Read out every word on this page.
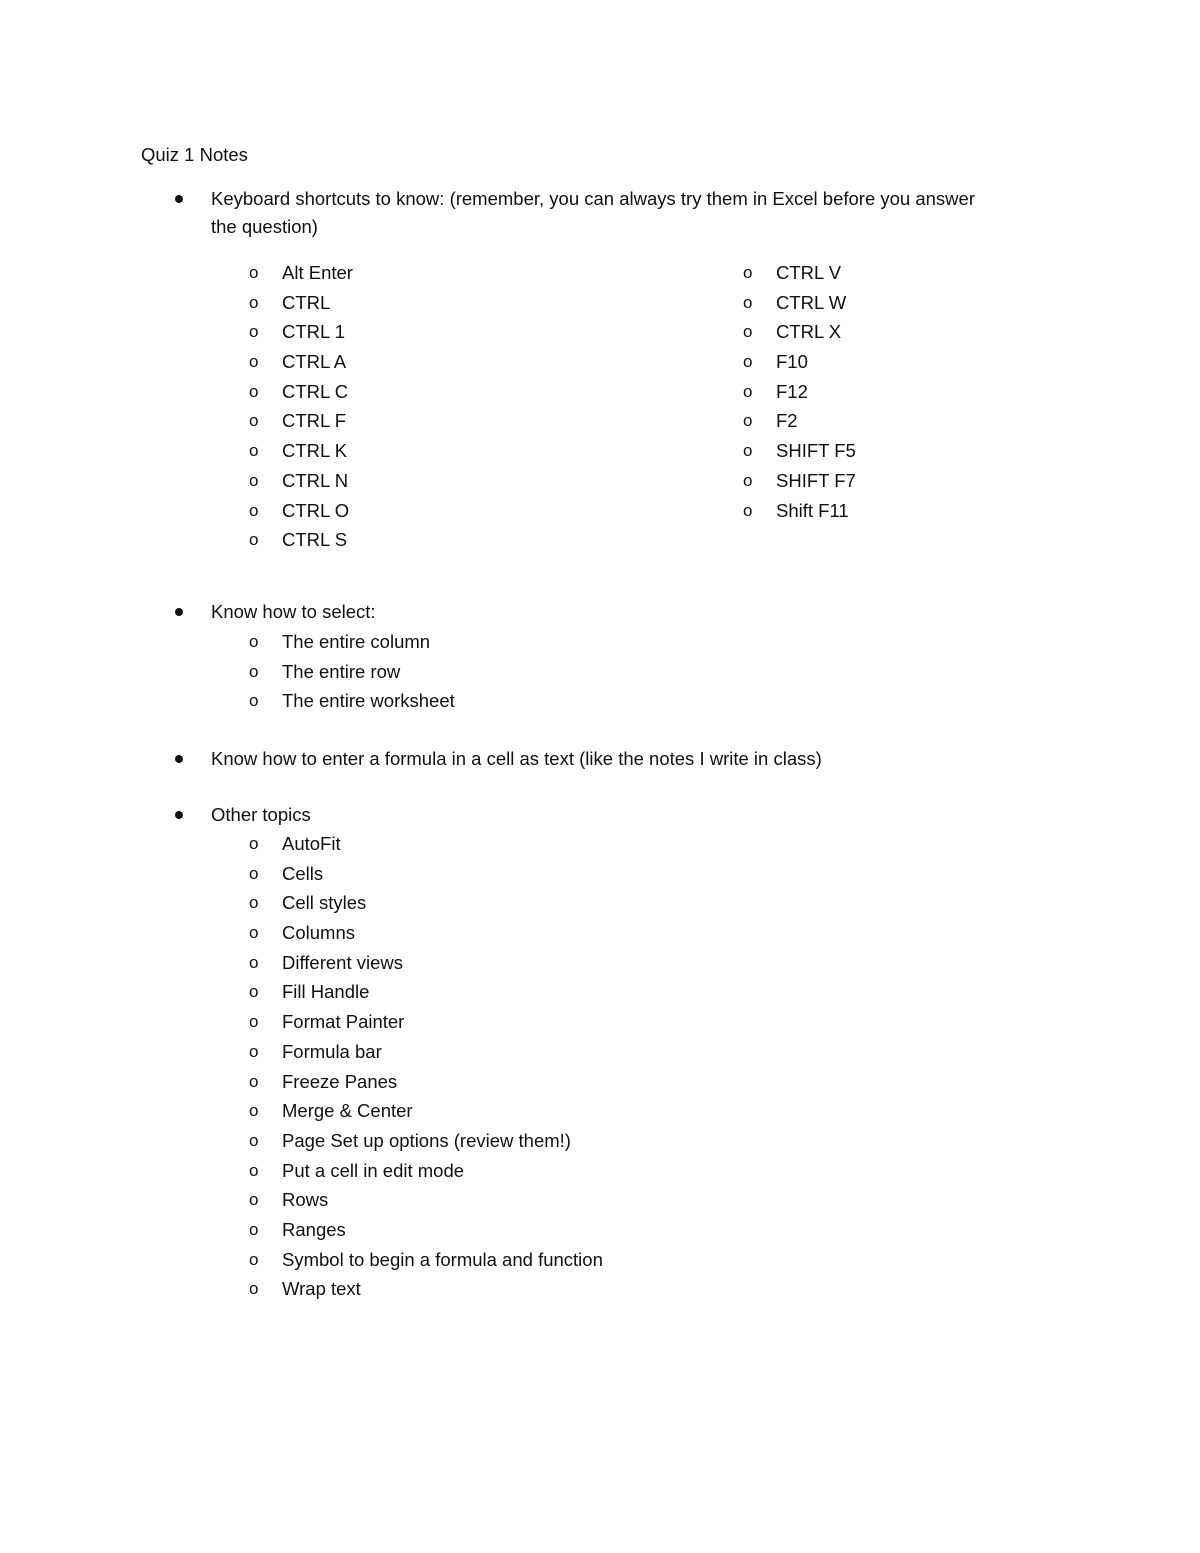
Quiz 1 Notes
Keyboard shortcuts to know: (remember, you can always try them in Excel before you answer
the question)
o Alt Enter
o CTRL
o CTRL 1
o CTRL A
o CTRL C
o CTRL F
o CTRL K
o CTRL N
o CTRL O
o CTRL S
o CTRL V
o CTRL W
o CTRL X
o F10
o F12
o F2
o SHIFT F5
o SHIFT F7
o Shift F11
Know how to select:
o The entire column
o The entire row
o The entire worksheet
Know how to enter a formula in a cell as text (like the notes I write in class)
Other topics
o AutoFit
o Cells
o Cell styles
o Columns
o Different views
o Fill Handle
o Format Painter
o Formula bar
o Freeze Panes
o Merge & Center
o Page Set up options (review them!)
o Put a cell in edit mode
o Rows
o Ranges
o Symbol to begin a formula and function
o Wrap text
